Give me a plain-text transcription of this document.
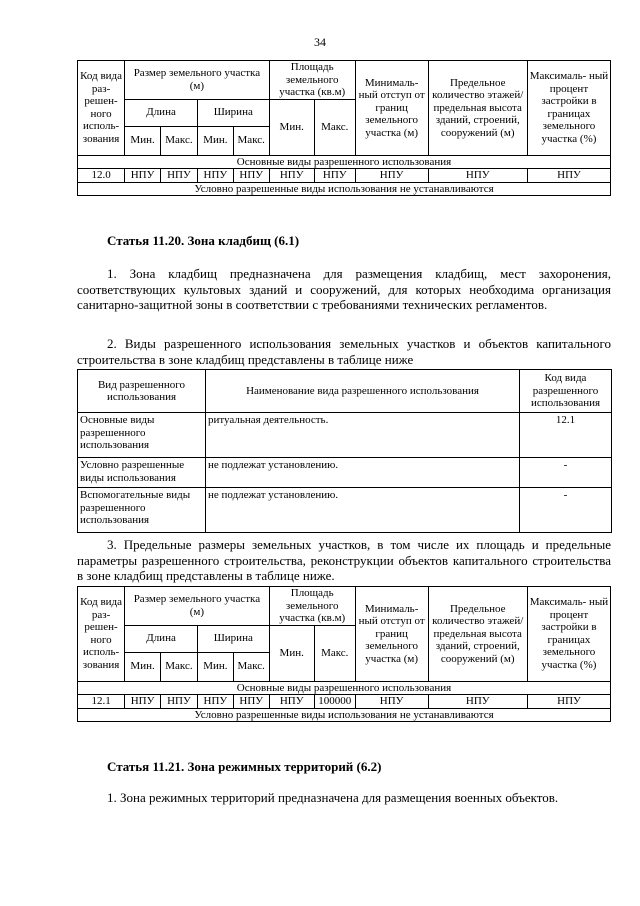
34
Код вида раз- решен- ного исполь- зования	Размер земельного участка (м)				Площадь земельного участка (кв.м)		Минималь- ный отступ от границ земельного участка (м)	Предельное количество этажей/ предельная высота зданий, строений, сооружений (м)	Максималь- ный процент застройки в границах земельного участка (%)
	Длина		Ширина		Мин.	Макс.			
	Мин.	Макс.	Мин.	Макс.					
Основные виды разрешенного использования									
12.0	НПУ	НПУ	НПУ	НПУ	НПУ	НПУ	НПУ	НПУ	НПУ
Условно разрешенные виды использования не устанавливаются									
Статья 11.20. Зона кладбищ (6.1)
1. Зона кладбищ предназначена для размещения кладбищ, мест захоронения, соответствующих культовых зданий и сооружений, для которых необходима организация санитарно-защитной зоны в соответствии с требованиями технических регламентов.
2. Виды разрешенного использования земельных участков и объектов капитального строительства в зоне кладбищ представлены в таблице ниже
Вид разрешенного использования	Наименование вида разрешенного использования	Код вида разрешенного использования
Основные виды разрешенного использования	ритуальная деятельность.	12.1
Условно разрешенные виды использования	не подлежат установлению.	-
Вспомогательные виды разрешенного использования	не подлежат установлению.	-
3. Предельные размеры земельных участков, в том числе их площадь и предельные параметры разрешенного строительства, реконструкции объектов капитального строительства в зоне кладбищ представлены в таблице ниже.
Код вида раз- решен- ного исполь- зования	Размер земельного участка (м)				Площадь земельного участка (кв.м)		Минималь- ный отступ от границ земельного участка (м)	Предельное количество этажей/ предельная высота зданий, строений, сооружений (м)	Максималь- ный процент застройки в границах земельного участка (%)
	Длина		Ширина		Мин.	Макс.			
	Мин.	Макс.	Мин.	Макс.					
Основные виды разрешенного использования									
12.1	НПУ	НПУ	НПУ	НПУ	НПУ	100000	НПУ	НПУ	НПУ
Условно разрешенные виды использования не устанавливаются									
Статья 11.21. Зона режимных территорий (6.2)
1. Зона режимных территорий предназначена для размещения военных объектов.
